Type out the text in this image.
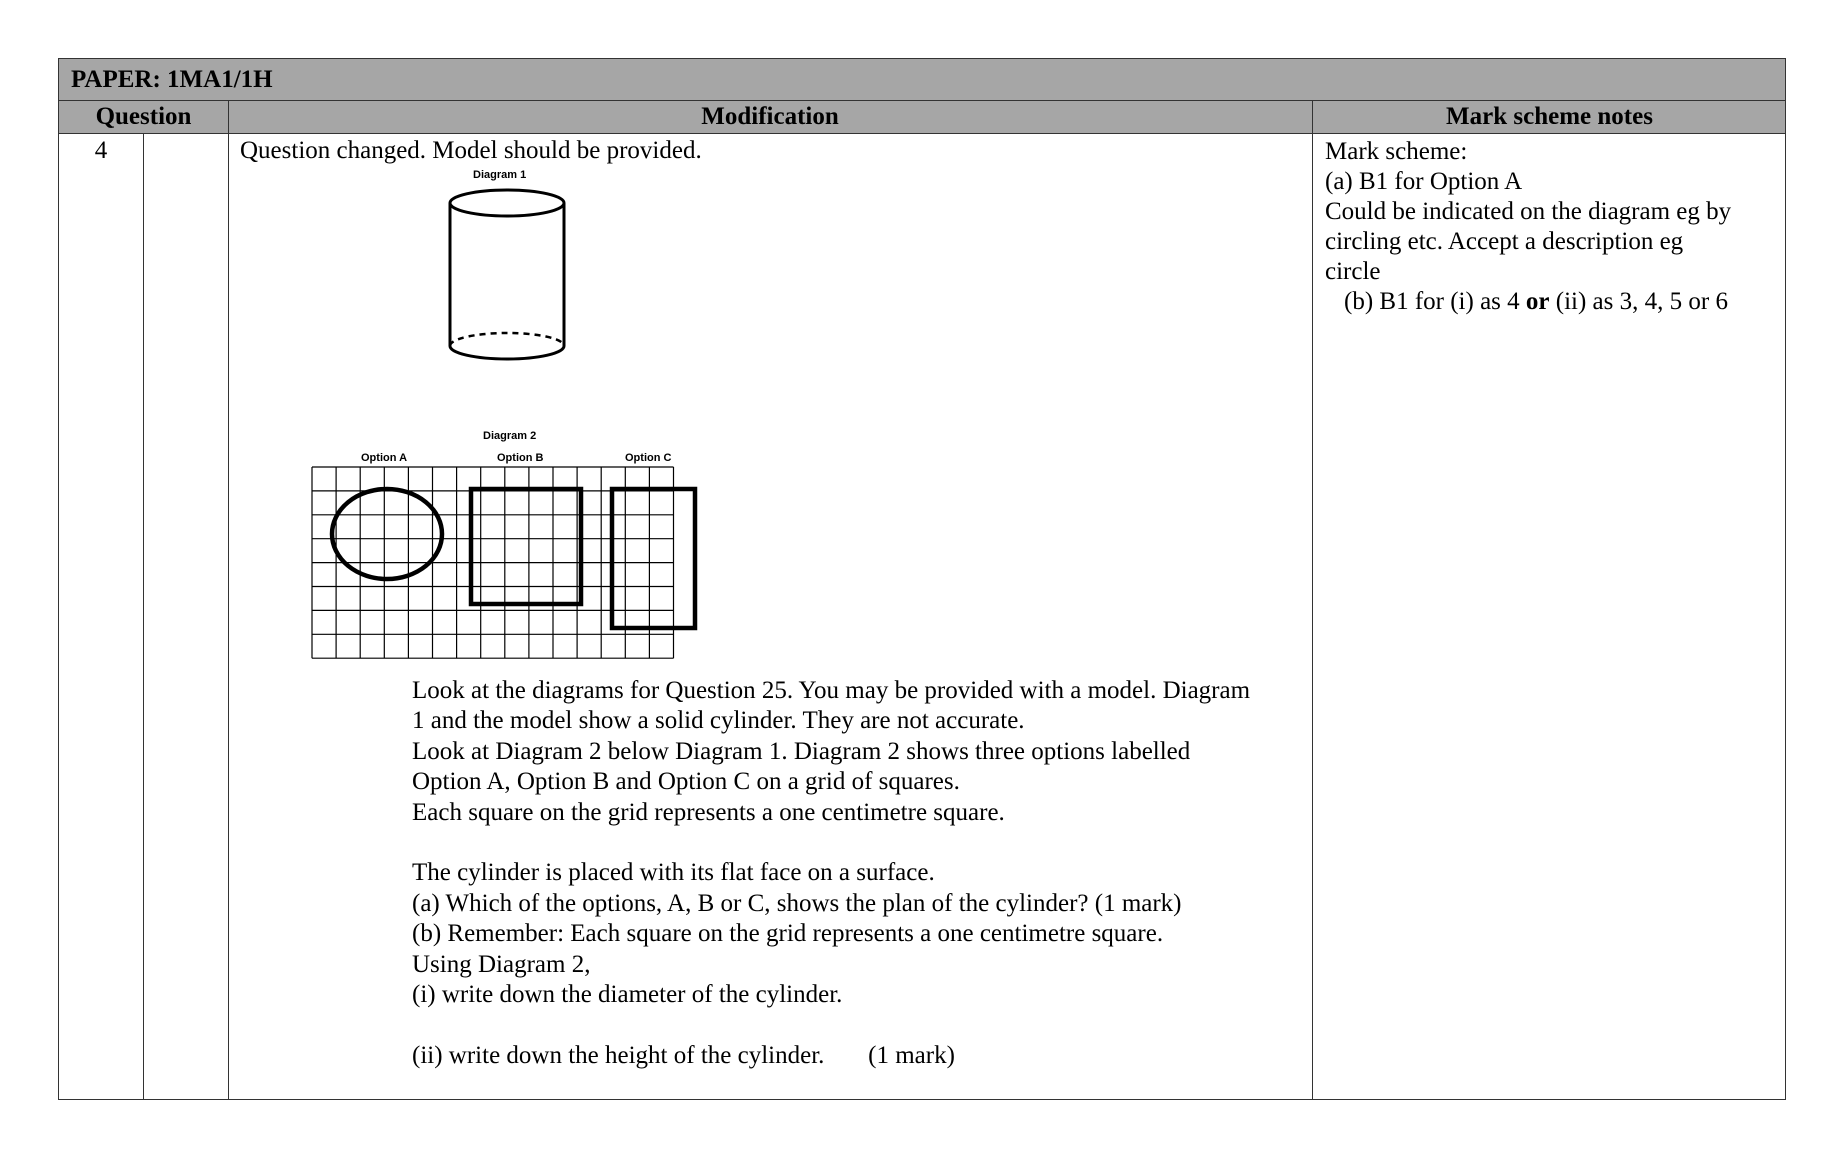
PAPER: 1MA1/1H
Question	Modification	Mark scheme notes
4	Question changed. Model should be provided.
Diagram 1
Diagram 2
Option A	Option B	Option C
Look at the diagrams for Question 25. You may be provided with a model. Diagram
1 and the model show a solid cylinder. They are not accurate.
Look at Diagram 2 below Diagram 1. Diagram 2 shows three options labelled
Option A, Option B and Option C on a grid of squares.
Each square on the grid represents a one centimetre square.
The cylinder is placed with its flat face on a surface.
(a) Which of the options, A, B or C, shows the plan of the cylinder? (1 mark)
(b) Remember: Each square on the grid represents a one centimetre square.
Using Diagram 2,
(i) write down the diameter of the cylinder.
(ii) write down the height of the cylinder.       (1 mark)
Mark scheme:
(a) B1 for Option A
Could be indicated on the diagram eg by
circling etc. Accept a description eg
circle
(b) B1 for (i) as 4 or (ii) as 3, 4, 5 or 6
